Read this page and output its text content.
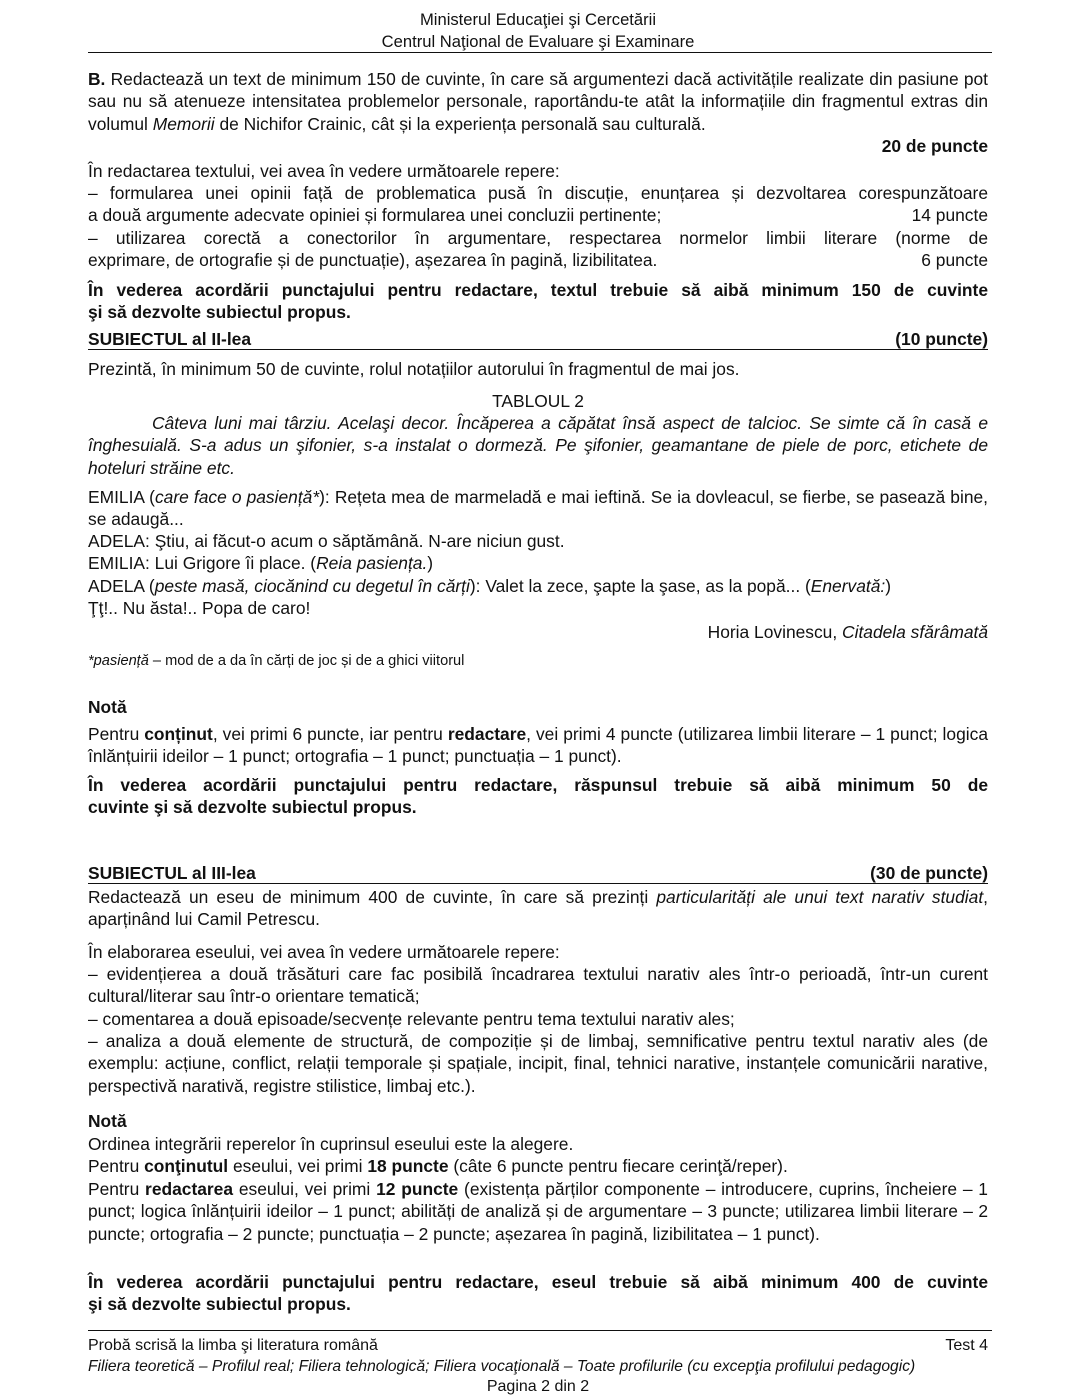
Ministerul Educaţiei şi Cercetării
Centrul Naţional de Evaluare şi Examinare
B. Redactează un text de minimum 150 de cuvinte, în care să argumentezi dacă activitățile realizate din pasiune pot sau nu să atenueze intensitatea problemelor personale, raportându-te atât la informațiile din fragmentul extras din volumul Memorii de Nichifor Crainic, cât și la experiența personală sau culturală.
20 de puncte
În redactarea textului, vei avea în vedere următoarele repere:
– formularea unei opinii față de problematica pusă în discuție, enunțarea și dezvoltarea corespunzătoare
a două argumente adecvate opiniei și formularea unei concluzii pertinente;	14 puncte
– utilizarea corectă a conectorilor în argumentare, respectarea normelor limbii literare (norme de
exprimare, de ortografie și de punctuație), așezarea în pagină, lizibilitatea.	6 puncte
În vederea acordării punctajului pentru redactare, textul trebuie să aibă minimum 150 de cuvinte
şi să dezvolte subiectul propus.
SUBIECTUL al II-lea	(10 puncte)
Prezintă, în minimum 50 de cuvinte, rolul notațiilor autorului în fragmentul de mai jos.
TABLOUL 2
Câteva luni mai târziu. Acelaşi decor. Încăperea a căpătat însă aspect de talcioc. Se simte că în casă e înghesuială. S-a adus un şifonier, s-a instalat o dormeză. Pe şifonier, geamantane de piele de porc, etichete de hoteluri străine etc.
EMILIA (care face o pasiență*): Rețeta mea de marmeladă e mai ieftină. Se ia dovleacul, se fierbe, se pasează bine, se adaugă...
ADELA: Ştiu, ai făcut-o acum o săptămână. N-are niciun gust.
EMILIA: Lui Grigore îi place. (Reia pasiența.)
ADELA (peste masă, ciocănind cu degetul în cărți): Valet la zece, şapte la şase, as la popă... (Enervată:)
Ţţ!.. Nu ăsta!.. Popa de caro!
Horia Lovinescu, Citadela sfărâmată
*pasiență – mod de a da în cărți de joc și de a ghici viitorul
Notă
Pentru conținut, vei primi 6 puncte, iar pentru redactare, vei primi 4 puncte (utilizarea limbii literare – 1 punct; logica înlănțuirii ideilor – 1 punct; ortografia – 1 punct; punctuația – 1 punct).
În vederea acordării punctajului pentru redactare, răspunsul trebuie să aibă minimum 50 de
cuvinte şi să dezvolte subiectul propus.
SUBIECTUL al III-lea	(30 de puncte)
Redactează un eseu de minimum 400 de cuvinte, în care să prezinți particularități ale unui text narativ studiat, aparținând lui Camil Petrescu.
În elaborarea eseului, vei avea în vedere următoarele repere:
– evidențierea a două trăsături care fac posibilă încadrarea textului narativ ales într-o perioadă, într-un curent cultural/literar sau într-o orientare tematică;
– comentarea a două episoade/secvențe relevante pentru tema textului narativ ales;
– analiza a două elemente de structură, de compoziție și de limbaj, semnificative pentru textul narativ ales (de exemplu: acțiune, conflict, relații temporale și spațiale, incipit, final, tehnici narative, instanțele comunicării narative, perspectivă narativă, registre stilistice, limbaj etc.).
Notă
Ordinea integrării reperelor în cuprinsul eseului este la alegere.
Pentru conţinutul eseului, vei primi 18 puncte (câte 6 puncte pentru fiecare cerinţă/reper).
Pentru redactarea eseului, vei primi 12 puncte (existența părților componente – introducere, cuprins, încheiere – 1 punct; logica înlănțuirii ideilor – 1 punct; abilități de analiză și de argumentare – 3 puncte; utilizarea limbii literare – 2 puncte; ortografia – 2 puncte; punctuația – 2 puncte; așezarea în pagină, lizibilitatea – 1 punct).
În vederea acordării punctajului pentru redactare, eseul trebuie să aibă minimum 400 de cuvinte
şi să dezvolte subiectul propus.
Probă scrisă la limba şi literatura română	Test 4
Filiera teoretică – Profilul real; Filiera tehnologică; Filiera vocaţională – Toate profilurile (cu excepţia profilului pedagogic)
Pagina 2 din 2
